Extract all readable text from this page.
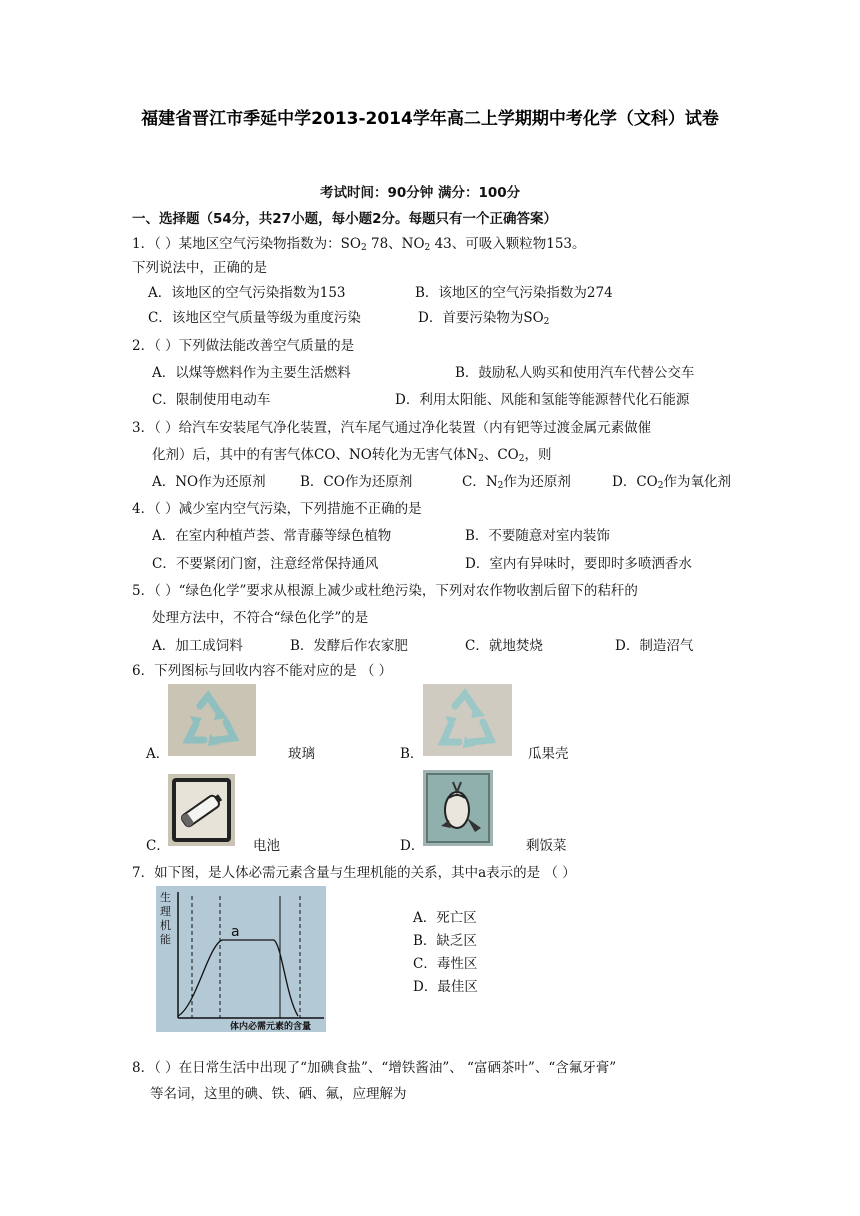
福建省晋江市季延中学2013-2014学年高二上学期期中考化学（文科）试卷
考试时间：90分钟 满分：100分
一、选择题（54分，共27小题，每小题2分。每题只有一个正确答案）
1．（ ）某地区空气污染物指数为：$SO_2$ 78、$NO_2$ 43、可吸入颗粒物153。
下列说法中，正确的是
A．该地区的空气污染指数为153	B．该地区的空气污染指数为274
C．该地区空气质量等级为重度污染	D．首要污染物为$SO_2$
2．（ ）下列做法能改善空气质量的是
A．以煤等燃料作为主要生活燃料	B．鼓励私人购买和使用汽车代替公交车
C．限制使用电动车	D．利用太阳能、风能和氢能等能源替代化石能源
3．（ ）给汽车安装尾气净化装置，汽车尾气通过净化装置（内有钯等过渡金属元素做催
化剂）后，其中的有害气体CO、NO转化为无害气体$N_2$、$CO_2$，则
A．NO作为还原剂	B．CO作为还原剂	C．$N_2$作为还原剂	D．$CO_2$作为氧化剂
4．（ ）减少室内空气污染，下列措施不正确的是
A．在室内种植芦荟、常青藤等绿色植物	B．不要随意对室内装饰
C．不要紧闭门窗，注意经常保持通风	D．室内有异味时，要即时多喷洒香水
5．（ ）“绿色化学”要求从根源上减少或杜绝污染，下列对农作物收割后留下的秸秆的
处理方法中，不符合“绿色化学”的是
A．加工成饲料	B．发酵后作农家肥	C．就地焚烧	D．制造沼气
6．下列图标与回收内容不能对应的是 （ ）
A．	玻璃	B．	瓜果壳
C．	电池	D．	剩饭菜
7．如下图，是人体必需元素含量与生理机能的关系，其中a表示的是 （ ）
生
理
机
能	a
体内必需元素的含量
A．死亡区
B．缺乏区
C．毒性区
D．最佳区
8．（ ）在日常生活中出现了“加碘食盐”、“增铁酱油”、 “富硒茶叶”、“含氟牙膏”
等名词，这里的碘、铁、硒、氟，应理解为
